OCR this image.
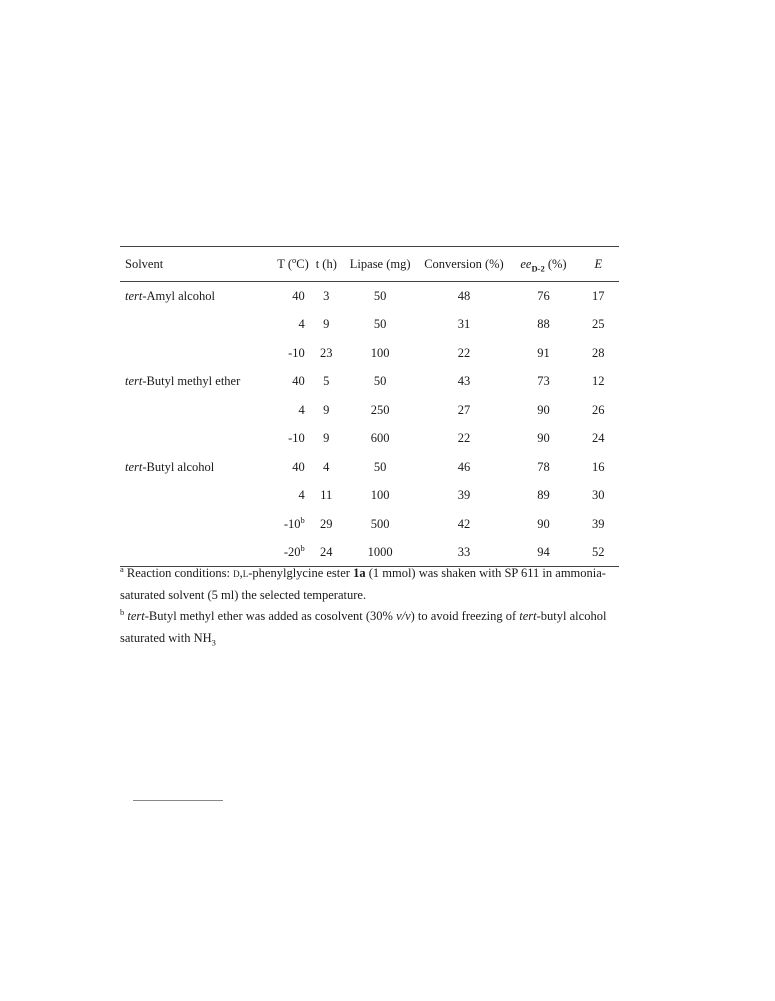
Solvent	T ($^o$C)	t (h)	Lipase (mg)	Conversion (%)	$ee_{D-2}$ (%)	E
tert-Amyl alcohol	40	3	50	48	76	17
	4	9	50	31	88	25
	-10	23	100	22	91	28
tert-Butyl methyl ether	40	5	50	43	73	12
	4	9	250	27	90	26
	-10	9	600	22	90	24
tert-Butyl alcohol	40	4	50	46	78	16
	4	11	100	39	89	30
	-10$^b$	29	500	42	90	39
	-20$^b$	24	1000	33	94	52

$^a$ Reaction conditions: d,l-phenylglycine ester 1a (1 mmol) was shaken with SP 611 in ammonia-saturated solvent (5 ml) the selected temperature.

$^b$ tert-Butyl methyl ether was added as cosolvent (30% v/v) to avoid freezing of tert-butyl alcohol saturated with $NH_3$
